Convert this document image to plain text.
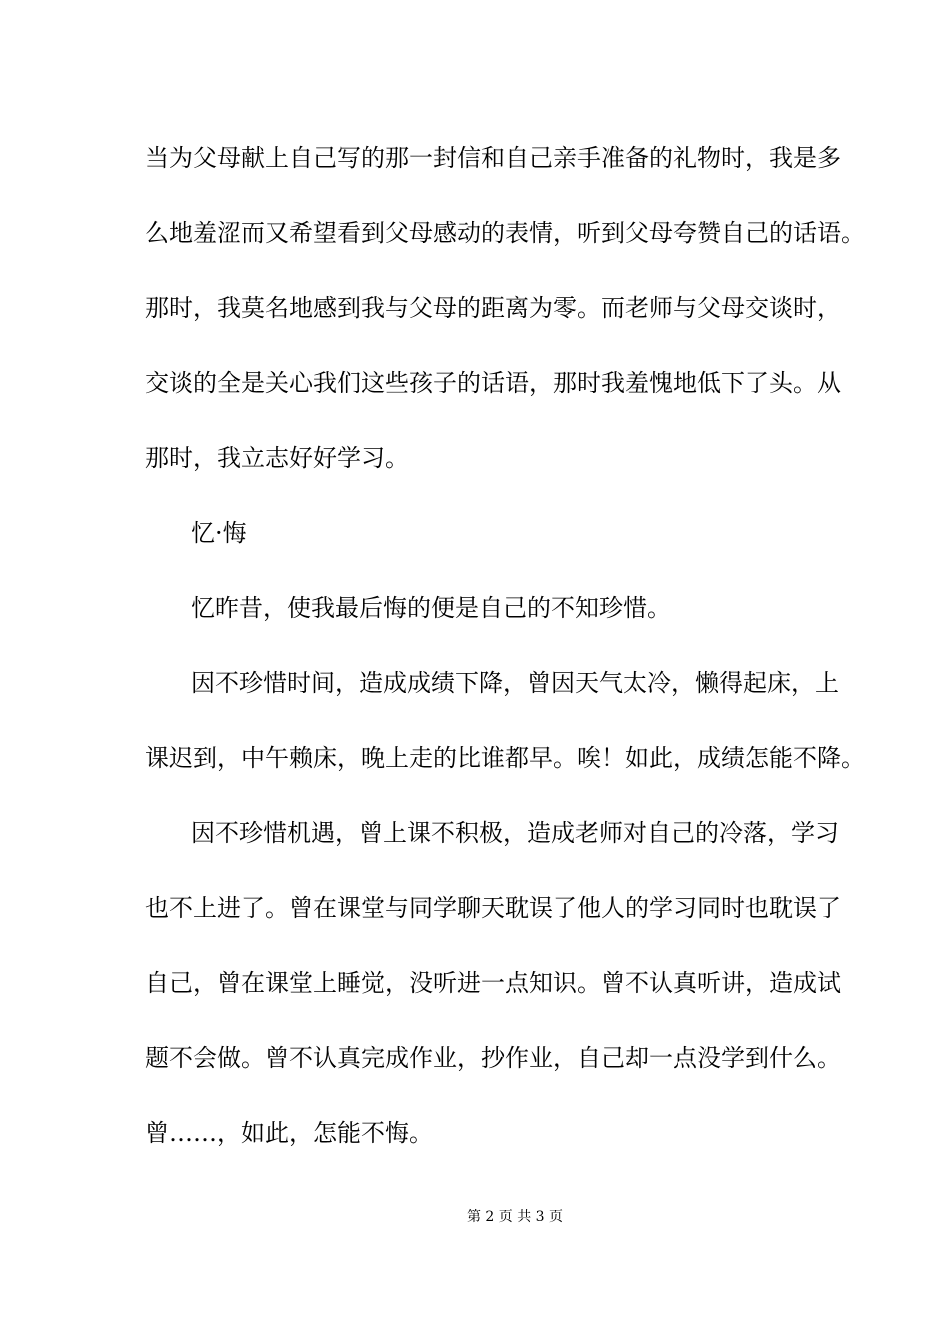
当为父母献上自己写的那一封信和自己亲手准备的礼物时，我是多
么地羞涩而又希望看到父母感动的表情，听到父母夸赞自己的话语。
那时，我莫名地感到我与父母的距离为零。而老师与父母交谈时，
交谈的全是关心我们这些孩子的话语，那时我羞愧地低下了头。从
那时，我立志好好学习。
忆·悔
忆昨昔，使我最后悔的便是自己的不知珍惜。
因不珍惜时间，造成成绩下降，曾因天气太冷，懒得起床，上
课迟到，中午赖床，晚上走的比谁都早。唉！如此，成绩怎能不降。
因不珍惜机遇，曾上课不积极，造成老师对自己的冷落，学习
也不上进了。曾在课堂与同学聊天耽误了他人的学习同时也耽误了
自己，曾在课堂上睡觉，没听进一点知识。曾不认真听讲，造成试
题不会做。曾不认真完成作业，抄作业，自己却一点没学到什么。
曾……，如此，怎能不悔。
第 2 页 共 3 页
